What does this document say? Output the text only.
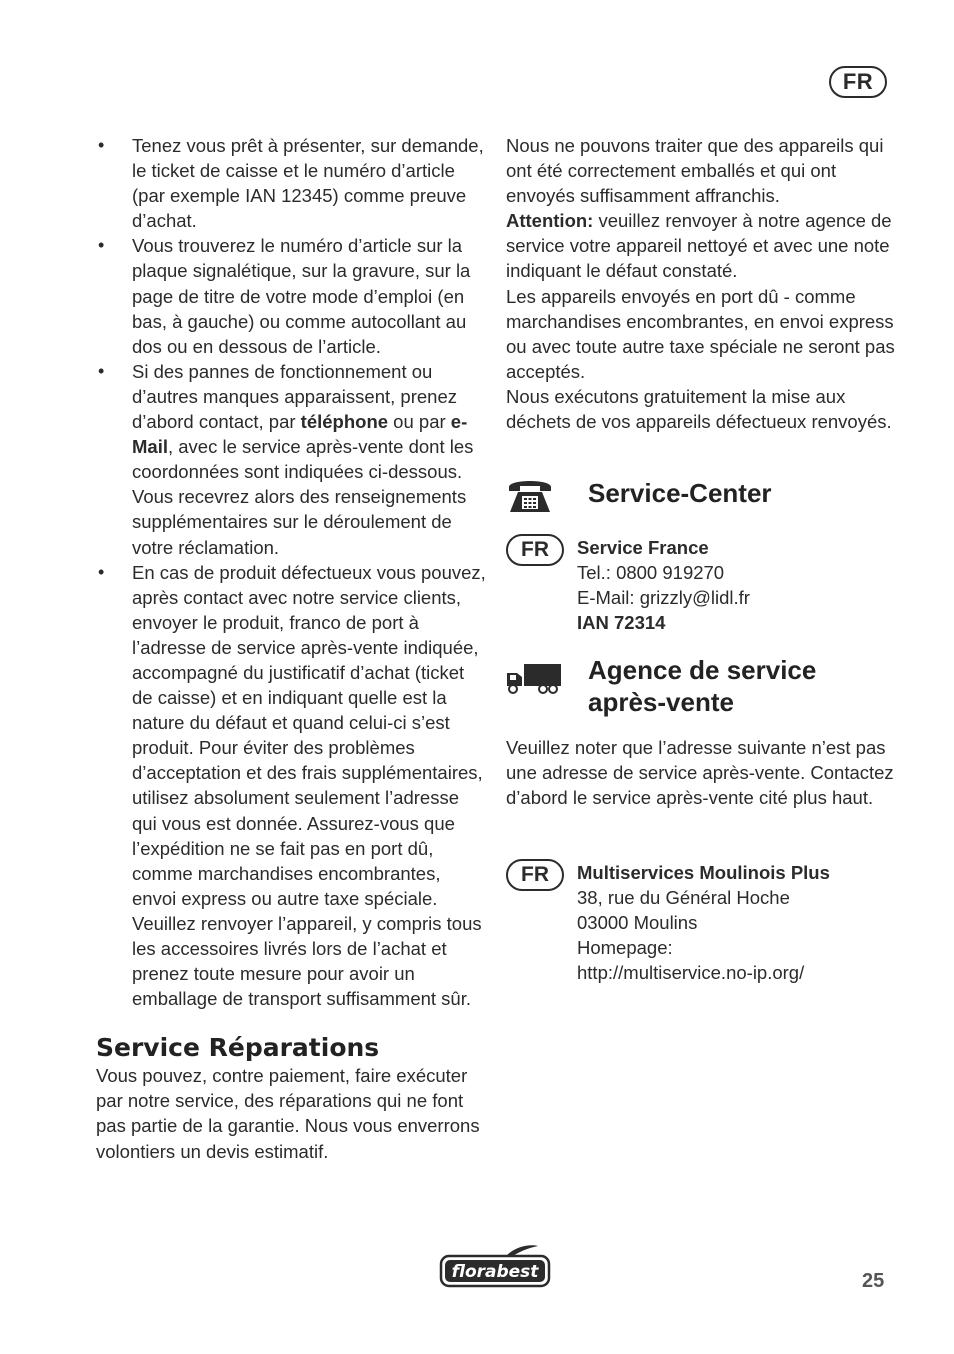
FR
• Tenez vous prêt à présenter, sur demande, le ticket de caisse et le numéro d’article (par exemple IAN 12345) comme preuve d’achat.
• Vous trouverez le numéro d’article sur la plaque signalétique, sur la gravure, sur la page de titre de votre mode d’emploi (en bas, à gauche) ou comme autocollant au dos ou en dessous de l’article.
• Si des pannes de fonctionnement ou d’autres manques apparaissent, prenez d’abord contact, par téléphone ou par e-Mail, avec le service après-vente dont les coordonnées sont indiquées ci-dessous. Vous recevrez alors des renseignements supplémentaires sur le déroulement de votre réclamation.
• En cas de produit défectueux vous pouvez, après contact avec notre service clients, envoyer le produit, franco de port à l’adresse de service après-vente indiquée, accompagné du justificatif d’achat (ticket de caisse) et en indiquant quelle est la nature du défaut et quand celui-ci s’est produit. Pour éviter des problèmes d’acceptation et des frais supplémentaires, utilisez absolument seulement l’adresse qui vous est donnée. Assurez-vous que l’expédition ne se fait pas en port dû, comme marchandises encombrantes, envoi express ou autre taxe spéciale. Veuillez renvoyer l’appareil, y compris tous les accessoires livrés lors de l’achat et prenez toute mesure pour avoir un emballage de transport suffisamment sûr.
Service Réparations

Vous pouvez, contre paiement, faire exécuter par notre service, des réparations qui ne font pas partie de la garantie. Nous vous enverrons volontiers un devis estimatif.

Nous ne pouvons traiter que des appareils qui ont été correctement emballés et qui ont envoyés suffisamment affranchis.

Attention: veuillez renvoyer à notre agence de service votre appareil nettoyé et avec une note indiquant le défaut constaté.

Les appareils envoyés en port dû - comme marchandises encombrantes, en envoi express ou avec toute autre taxe spéciale ne seront pas acceptés.

Nous exécutons gratuitement la mise aux déchets de vos appareils défectueux renvoyés.

Service-Center
FR	Service France
Tel.: 0800 919270
E-Mail: grizzly@lidl.fr
IAN 72314
Agence de service après-vente

Veuillez noter que l’adresse suivante n’est pas une adresse de service après-vente. Contactez d’abord le service après-vente cité plus haut.

FR	Multiservices Moulinois Plus
38, rue du Général Hoche
03000 Moulins
Homepage:
http://multiservice.no-ip.org/
florabest	25
